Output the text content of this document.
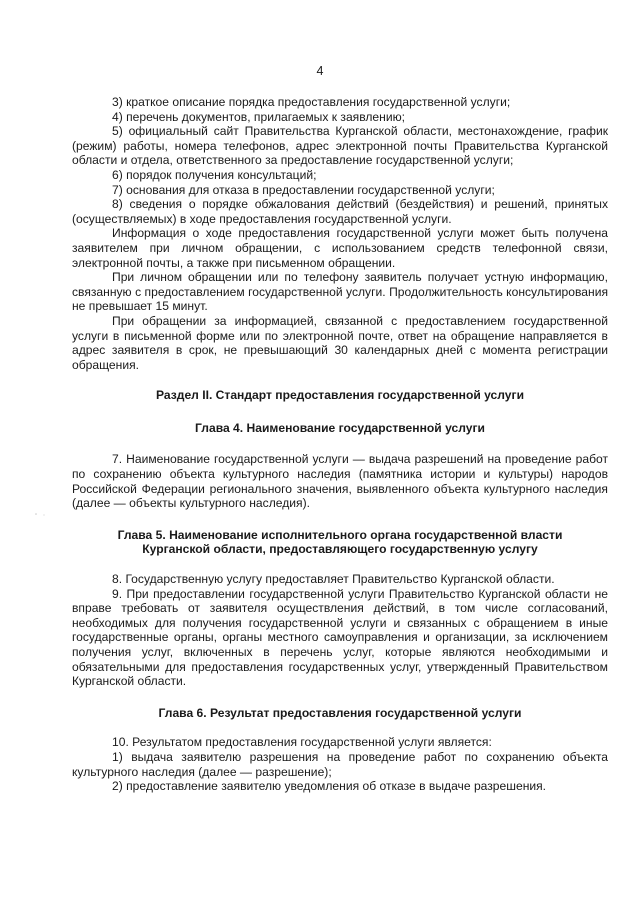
4

3) краткое описание порядка предоставления государственной услуги;

4) перечень документов, прилагаемых к заявлению;

5) официальный сайт Правительства Курганской области, местонахождение, график (режим) работы, номера телефонов, адрес электронной почты Правительства Курганской области и отдела, ответственного за предоставление государственной услуги;

6) порядок получения консультаций;

7) основания для отказа в предоставлении государственной услуги;

8) сведения о порядке обжалования действий (бездействия) и решений, принятых (осуществляемых) в ходе предоставления государственной услуги.

Информация о ходе предоставления государственной услуги может быть получена заявителем при личном обращении, с использованием средств телефонной связи, электронной почты, а также при письменном обращении.

При личном обращении или по телефону заявитель получает устную информацию, связанную с предоставлением государственной услуги. Продолжительность консультирования не превышает 15 минут.

При обращении за информацией, связанной с предоставлением государственной услуги в письменной форме или по электронной почте, ответ на обращение направляется в адрес заявителя в срок, не превышающий 30 календарных дней с момента регистрации обращения.

Раздел II. Стандарт предоставления государственной услуги
Глава 4. Наименование государственной услуги

7. Наименование государственной услуги — выдача разрешений на проведение работ по сохранению объекта культурного наследия (памятника истории и культуры) народов Российской Федерации регионального значения, выявленного объекта культурного наследия (далее — объекты культурного наследия).

Глава 5. Наименование исполнительного органа государственной власти
Курганской области, предоставляющего государственную услугу

8. Государственную услугу предоставляет Правительство Курганской области.

9. При предоставлении государственной услуги Правительство Курганской области не вправе требовать от заявителя осуществления действий, в том числе согласований, необходимых для получения государственной услуги и связанных с обращением в иные государственные органы, органы местного самоуправления и организации, за исключением получения услуг, включенных в перечень услуг, которые являются необходимыми и обязательными для предоставления государственных услуг, утвержденный Правительством Курганской области.

Глава 6. Результат предоставления государственной услуги

10. Результатом предоставления государственной услуги является:

1) выдача заявителю разрешения на проведение работ по сохранению объекта культурного наследия (далее — разрешение);

2) предоставление заявителю уведомления об отказе в выдаче разрешения.
